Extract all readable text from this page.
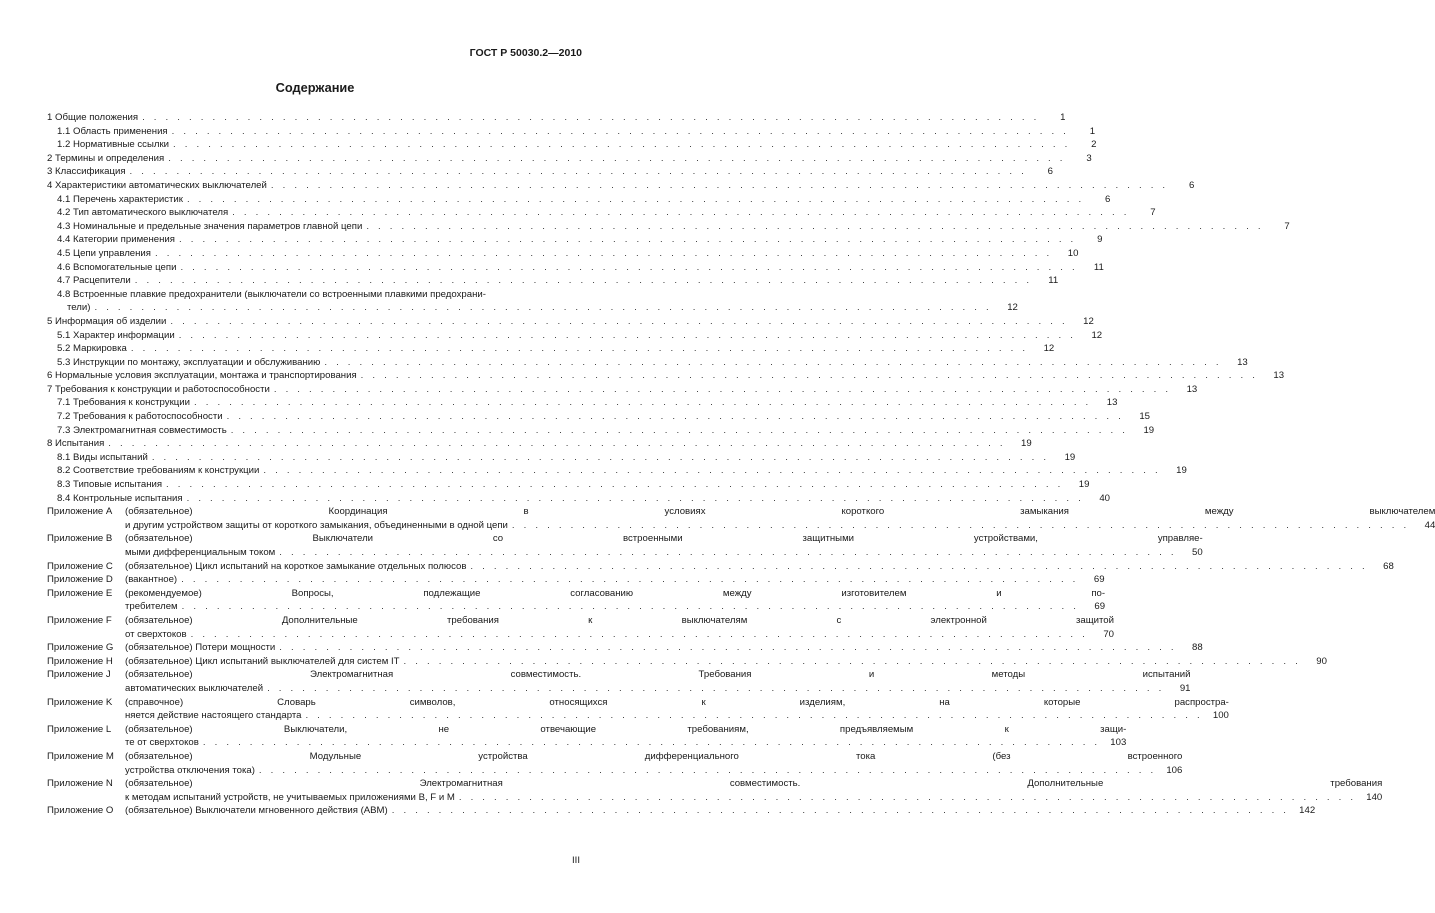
ГОСТ Р 50030.2—2010
Содержание
1 Общие положения . . . . . . . . . . . . . . . . . . . . . . . . . . . . . . . . . . . . . . . . . . . . . . . . . . . . . . . . . . . . . . . . . . . . . . . . . . . . .	1
1.1 Область применения . . . . . . . . . . . . . . . . . . . . . . . . . . . . . . . . . . . . . . . . . . . . . . . . . . . . . . . . . . . . . . . . . . . . . . . . . . . . .	1
1.2 Нормативные ссылки . . . . . . . . . . . . . . . . . . . . . . . . . . . . . . . . . . . . . . . . . . . . . . . . . . . . . . . . . . . . . . . . . . . . . . . . . . . . .	2
2 Термины и определения . . . . . . . . . . . . . . . . . . . . . . . . . . . . . . . . . . . . . . . . . . . . . . . . . . . . . . . . . . . . . . . . . . . . . . . . . . . . .	3
3 Классификация . . . . . . . . . . . . . . . . . . . . . . . . . . . . . . . . . . . . . . . . . . . . . . . . . . . . . . . . . . . . . . . . . . . . . . . . . . . . .	6
4 Характеристики автоматических выключателей . . . . . . . . . . . . . . . . . . . . . . . . . . . . . . . . . . . . . . . . . . . . . . . . . . . . . . . . . . . . . . . . . . . . . . . . . . . . .	6
4.1 Перечень характеристик . . . . . . . . . . . . . . . . . . . . . . . . . . . . . . . . . . . . . . . . . . . . . . . . . . . . . . . . . . . . . . . . . . . . . . . . . . . . .	6
4.2 Тип автоматического выключателя . . . . . . . . . . . . . . . . . . . . . . . . . . . . . . . . . . . . . . . . . . . . . . . . . . . . . . . . . . . . . . . . . . . . . . . . . . . . .	7
4.3 Номинальные и предельные значения параметров главной цепи . . . . . . . . . . . . . . . . . . . . . . . . . . . . . . . . . . . . . . . . . . . . . . . . . . . . . . . . . . . . . . . . . . . . . . . . . . . . .	7
4.4 Категории применения . . . . . . . . . . . . . . . . . . . . . . . . . . . . . . . . . . . . . . . . . . . . . . . . . . . . . . . . . . . . . . . . . . . . . . . . . . . . .	9
4.5 Цепи управления . . . . . . . . . . . . . . . . . . . . . . . . . . . . . . . . . . . . . . . . . . . . . . . . . . . . . . . . . . . . . . . . . . . . . . . . . . . . .	10
4.6 Вспомогательные цепи . . . . . . . . . . . . . . . . . . . . . . . . . . . . . . . . . . . . . . . . . . . . . . . . . . . . . . . . . . . . . . . . . . . . . . . . . . . . .	11
4.7 Расцепители . . . . . . . . . . . . . . . . . . . . . . . . . . . . . . . . . . . . . . . . . . . . . . . . . . . . . . . . . . . . . . . . . . . . . . . . . . . . .	11
4.8 Встроенные плавкие предохранители (выключатели со встроенными плавкими предохрани-
тели) . . . . . . . . . . . . . . . . . . . . . . . . . . . . . . . . . . . . . . . . . . . . . . . . . . . . . . . . . . . . . . . . . . . . . . . . . . . . .	12
5 Информация об изделии . . . . . . . . . . . . . . . . . . . . . . . . . . . . . . . . . . . . . . . . . . . . . . . . . . . . . . . . . . . . . . . . . . . . . . . . . . . . .	12
5.1 Характер информации . . . . . . . . . . . . . . . . . . . . . . . . . . . . . . . . . . . . . . . . . . . . . . . . . . . . . . . . . . . . . . . . . . . . . . . . . . . . .	12
5.2 Маркировка . . . . . . . . . . . . . . . . . . . . . . . . . . . . . . . . . . . . . . . . . . . . . . . . . . . . . . . . . . . . . . . . . . . . . . . . . . . . .	12
5.3 Инструкции по монтажу, эксплуатации и обслуживанию . . . . . . . . . . . . . . . . . . . . . . . . . . . . . . . . . . . . . . . . . . . . . . . . . . . . . . . . . . . . . . . . . . . . . . . . . . . . .	13
6 Нормальные условия эксплуатации, монтажа и транспортирования . . . . . . . . . . . . . . . . . . . . . . . . . . . . . . . . . . . . . . . . . . . . . . . . . . . . . . . . . . . . . . . . . . . . . . . . . . . . .	13
7 Требования к конструкции и работоспособности . . . . . . . . . . . . . . . . . . . . . . . . . . . . . . . . . . . . . . . . . . . . . . . . . . . . . . . . . . . . . . . . . . . . . . . . . . . . .	13
7.1 Требования к конструкции . . . . . . . . . . . . . . . . . . . . . . . . . . . . . . . . . . . . . . . . . . . . . . . . . . . . . . . . . . . . . . . . . . . . . . . . . . . . .	13
7.2 Требования к работоспособности . . . . . . . . . . . . . . . . . . . . . . . . . . . . . . . . . . . . . . . . . . . . . . . . . . . . . . . . . . . . . . . . . . . . . . . . . . . . .	15
7.3 Электромагнитная совместимость . . . . . . . . . . . . . . . . . . . . . . . . . . . . . . . . . . . . . . . . . . . . . . . . . . . . . . . . . . . . . . . . . . . . . . . . . . . . .	19
8 Испытания . . . . . . . . . . . . . . . . . . . . . . . . . . . . . . . . . . . . . . . . . . . . . . . . . . . . . . . . . . . . . . . . . . . . . . . . . . . . .	19
8.1 Виды испытаний . . . . . . . . . . . . . . . . . . . . . . . . . . . . . . . . . . . . . . . . . . . . . . . . . . . . . . . . . . . . . . . . . . . . . . . . . . . . .	19
8.2 Соответствие требованиям к конструкции . . . . . . . . . . . . . . . . . . . . . . . . . . . . . . . . . . . . . . . . . . . . . . . . . . . . . . . . . . . . . . . . . . . . . . . . . . . . .	19
8.3 Типовые испытания . . . . . . . . . . . . . . . . . . . . . . . . . . . . . . . . . . . . . . . . . . . . . . . . . . . . . . . . . . . . . . . . . . . . . . . . . . . . .	19
8.4 Контрольные испытания . . . . . . . . . . . . . . . . . . . . . . . . . . . . . . . . . . . . . . . . . . . . . . . . . . . . . . . . . . . . . . . . . . . . . . . . . . . . .	40
Приложение A	(обязательное) Координация в условиях короткого замыкания между выключателем
и другим устройством защиты от короткого замыкания, объединенными в одной цепи . . . . . . . . . . . . . . . . . . . . . . . . . . . . . . . . . . . . . . . . . . . . . . . . . . . . . . . . . . . . . . . . . . . . . . . . . . . . .	44
Приложение B	(обязательное) Выключатели со встроенными защитными устройствами, управляе-
мыми дифференциальным током . . . . . . . . . . . . . . . . . . . . . . . . . . . . . . . . . . . . . . . . . . . . . . . . . . . . . . . . . . . . . . . . . . . . . . . . . . . . .	50
Приложение C	(обязательное) Цикл испытаний на короткое замыкание отдельных полюсов . . . . . . . . . . . . . . . . . . . . . . . . . . . . . . . . . . . . . . . . . . . . . . . . . . . . . . . . . . . . . . . . . . . . . . . . . . . . .	68
Приложение D	(вакантное) . . . . . . . . . . . . . . . . . . . . . . . . . . . . . . . . . . . . . . . . . . . . . . . . . . . . . . . . . . . . . . . . . . . . . . . . . . . . .	69
Приложение E	(рекомендуемое) Вопросы, подлежащие согласованию между изготовителем и по-
требителем . . . . . . . . . . . . . . . . . . . . . . . . . . . . . . . . . . . . . . . . . . . . . . . . . . . . . . . . . . . . . . . . . . . . . . . . . . . . .	69
Приложение F	(обязательное) Дополнительные требования к выключателям с электронной защитой
от сверхтоков . . . . . . . . . . . . . . . . . . . . . . . . . . . . . . . . . . . . . . . . . . . . . . . . . . . . . . . . . . . . . . . . . . . . . . . . . . . . .	70
Приложение G	(обязательное) Потери мощности . . . . . . . . . . . . . . . . . . . . . . . . . . . . . . . . . . . . . . . . . . . . . . . . . . . . . . . . . . . . . . . . . . . . . . . . . . . . .	88
Приложение H	(обязательное) Цикл испытаний выключателей для систем IT . . . . . . . . . . . . . . . . . . . . . . . . . . . . . . . . . . . . . . . . . . . . . . . . . . . . . . . . . . . . . . . . . . . . . . . . . . . . .	90
Приложение J	(обязательное) Электромагнитная совместимость. Требования и методы испытаний
автоматических выключателей . . . . . . . . . . . . . . . . . . . . . . . . . . . . . . . . . . . . . . . . . . . . . . . . . . . . . . . . . . . . . . . . . . . . . . . . . . . . .	91
Приложение K	(справочное) Словарь символов, относящихся к изделиям, на которые распростра-
няется действие настоящего стандарта . . . . . . . . . . . . . . . . . . . . . . . . . . . . . . . . . . . . . . . . . . . . . . . . . . . . . . . . . . . . . . . . . . . . . . . . . . . . .	100
Приложение L	(обязательное) Выключатели, не отвечающие требованиям, предъявляемым к защи-
те от сверхтоков . . . . . . . . . . . . . . . . . . . . . . . . . . . . . . . . . . . . . . . . . . . . . . . . . . . . . . . . . . . . . . . . . . . . . . . . . . . . .	103
Приложение M	(обязательное) Модульные устройства дифференциального тока (без встроенного
устройства отключения тока) . . . . . . . . . . . . . . . . . . . . . . . . . . . . . . . . . . . . . . . . . . . . . . . . . . . . . . . . . . . . . . . . . . . . . . . . . . . . .	106
Приложение N	(обязательное) Электромагнитная совместимость. Дополнительные требования
к методам испытаний устройств, не учитываемых приложениями B, F и M . . . . . . . . . . . . . . . . . . . . . . . . . . . . . . . . . . . . . . . . . . . . . . . . . . . . . . . . . . . . . . . . . . . . . . . . . . . . .	140
Приложение O	(обязательное) Выключатели мгновенного действия (ABM) . . . . . . . . . . . . . . . . . . . . . . . . . . . . . . . . . . . . . . . . . . . . . . . . . . . . . . . . . . . . . . . . . . . . . . . . . . . . .	142
III
